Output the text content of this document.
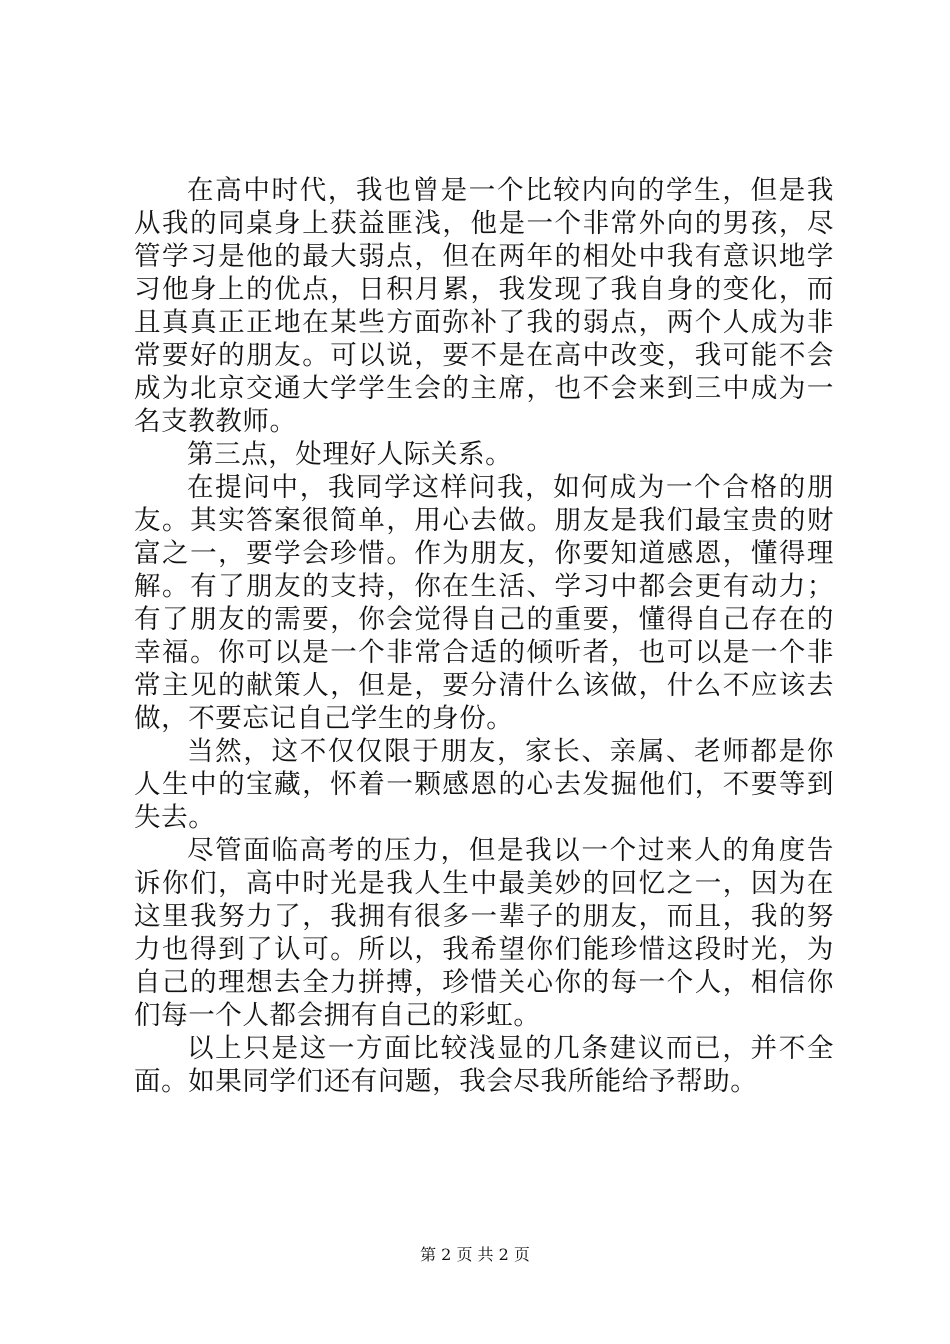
在高中时代，我也曾是一个比较内向的学生，但是我从我的同桌身上获益匪浅，他是一个非常外向的男孩，尽管学习是他的最大弱点，但在两年的相处中我有意识地学习他身上的优点，日积月累，我发现了我自身的变化，而且真真正正地在某些方面弥补了我的弱点，两个人成为非常要好的朋友。可以说，要不是在高中改变，我可能不会成为北京交通大学学生会的主席，也不会来到三中成为一名支教教师。

第三点，处理好人际关系。

在提问中，我同学这样问我，如何成为一个合格的朋友。其实答案很简单，用心去做。朋友是我们最宝贵的财富之一，要学会珍惜。作为朋友，你要知道感恩，懂得理解。有了朋友的支持，你在生活、学习中都会更有动力；有了朋友的需要，你会觉得自己的重要，懂得自己存在的幸福。你可以是一个非常合适的倾听者，也可以是一个非常主见的献策人，但是，要分清什么该做，什么不应该去做，不要忘记自己学生的身份。

当然，这不仅仅限于朋友，家长、亲属、老师都是你人生中的宝藏，怀着一颗感恩的心去发掘他们，不要等到失去。

尽管面临高考的压力，但是我以一个过来人的角度告诉你们，高中时光是我人生中最美妙的回忆之一，因为在这里我努力了，我拥有很多一辈子的朋友，而且，我的努力也得到了认可。所以，我希望你们能珍惜这段时光，为自己的理想去全力拼搏，珍惜关心你的每一个人，相信你们每一个人都会拥有自己的彩虹。

以上只是这一方面比较浅显的几条建议而已，并不全面。如果同学们还有问题，我会尽我所能给予帮助。

第 2 页 共 2 页
